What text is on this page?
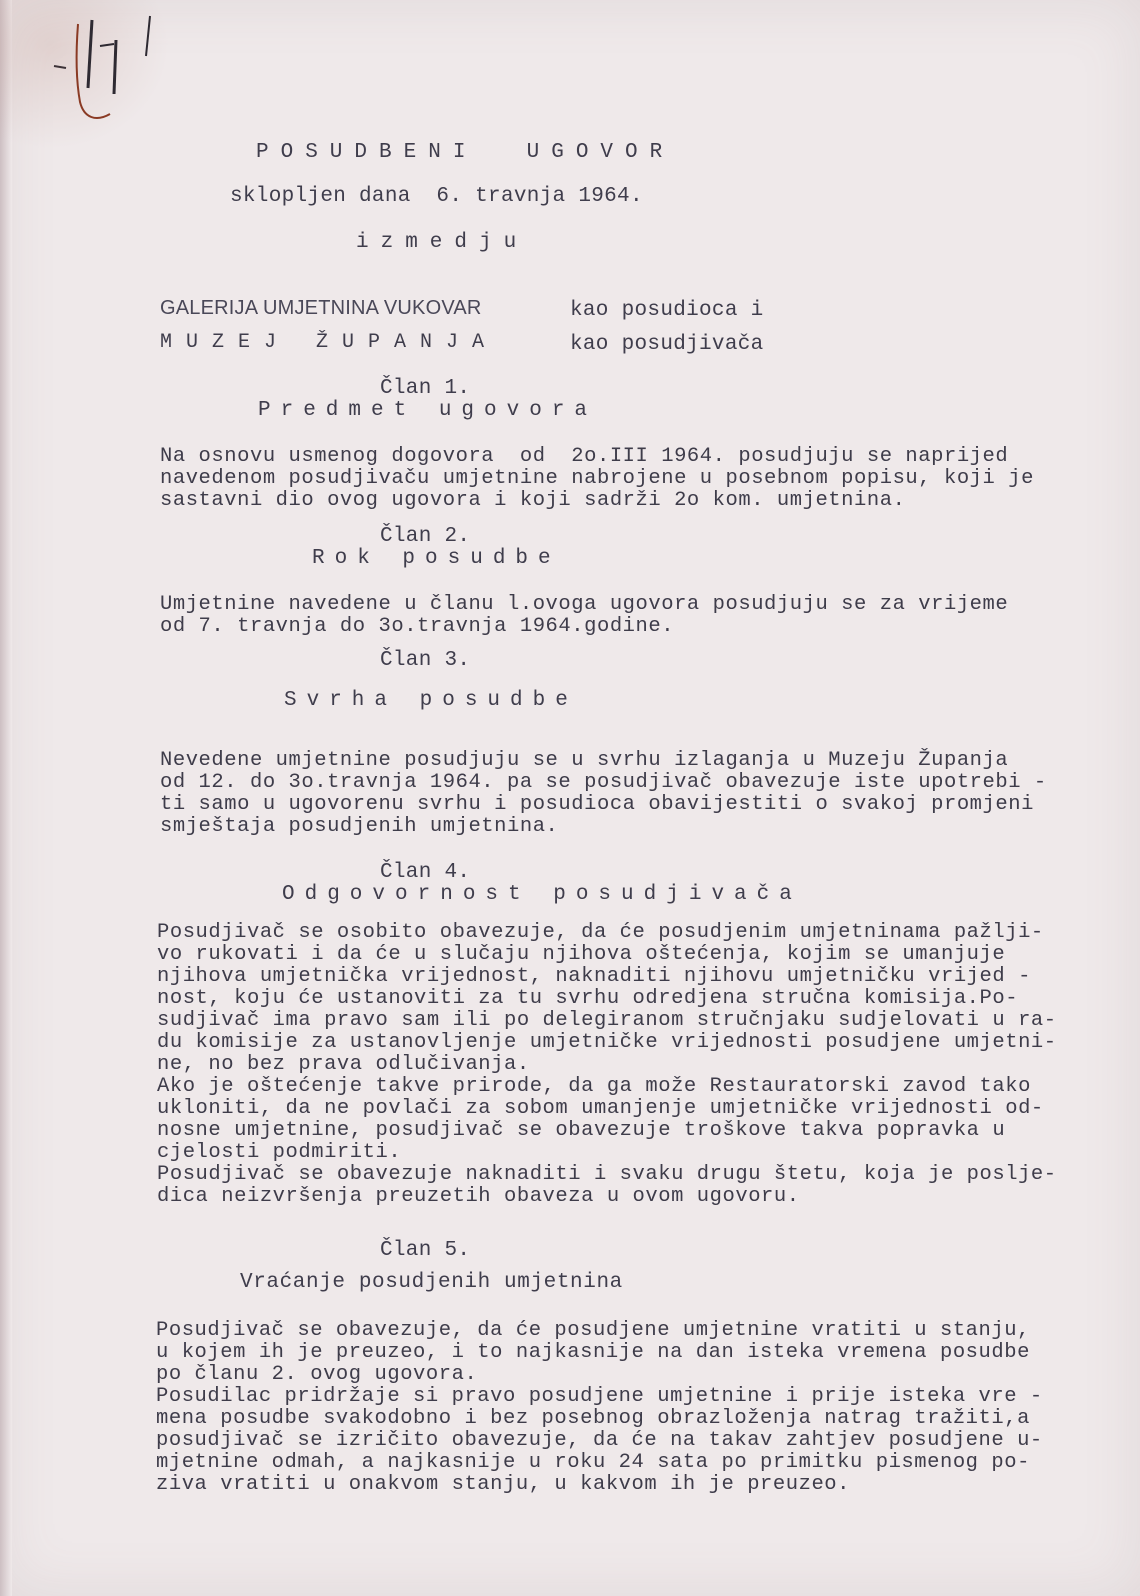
POSUDBENI  UGOVOR
sklopljen dana  6. travnja 1964.
izmedju
GALERIJA UMJETNINA VUKOVAR	kao posudioca i
MUZEJ ŽUPANJA	kao posudjivača
Član 1.
Predmet ugovora
Na osnovu usmenog dogovora  od  2o.III 1964. posudjuju se naprijed
navedenom posudjivaču umjetnine nabrojene u posebnom popisu, koji je
sastavni dio ovog ugovora i koji sadrži 2o kom. umjetnina.
Član 2.
Rok posudbe
Umjetnine navedene u članu l.ovoga ugovora posudjuju se za vrijeme
od 7. travnja do 3o.travnja 1964.godine.
Član 3.
Svrha posudbe
Nevedene umjetnine posudjuju se u svrhu izlaganja u Muzeju Županja
od 12. do 3o.travnja 1964. pa se posudjivač obavezuje iste upotrebi -
ti samo u ugovorenu svrhu i posudioca obavijestiti o svakoj promjeni
smještaja posudjenih umjetnina.
Član 4.
Odgovornost posudjivača
Posudjivač se osobito obavezuje, da će posudjenim umjetninama pažlji-
vo rukovati i da će u slučaju njihova oštećenja, kojim se umanjuje
njihova umjetnička vrijednost, naknaditi njihovu umjetničku vrijed -
nost, koju će ustanoviti za tu svrhu odredjena stručna komisija.Po-
sudjivač ima pravo sam ili po delegiranom stručnjaku sudjelovati u ra-
du komisije za ustanovljenje umjetničke vrijednosti posudjene umjetni-
ne, no bez prava odlučivanja.
Ako je oštećenje takve prirode, da ga može Restauratorski zavod tako
ukloniti, da ne povlači za sobom umanjenje umjetničke vrijednosti od-
nosne umjetnine, posudjivač se obavezuje troškove takva popravka u
cjelosti podmiriti.
Posudjivač se obavezuje naknaditi i svaku drugu štetu, koja je poslje-
dica neizvršenja preuzetih obaveza u ovom ugovoru.
Član 5.
Vraćanje posudjenih umjetnina
Posudjivač se obavezuje, da će posudjene umjetnine vratiti u stanju,
u kojem ih je preuzeo, i to najkasnije na dan isteka vremena posudbe
po članu 2. ovog ugovora.
Posudilac pridržaje si pravo posudjene umjetnine i prije isteka vre -
mena posudbe svakodobno i bez posebnog obrazloženja natrag tražiti,a
posudjivač se izričito obavezuje, da će na takav zahtjev posudjene u-
mjetnine odmah, a najkasnije u roku 24 sata po primitku pismenog po-
ziva vratiti u onakvom stanju, u kakvom ih je preuzeo.
